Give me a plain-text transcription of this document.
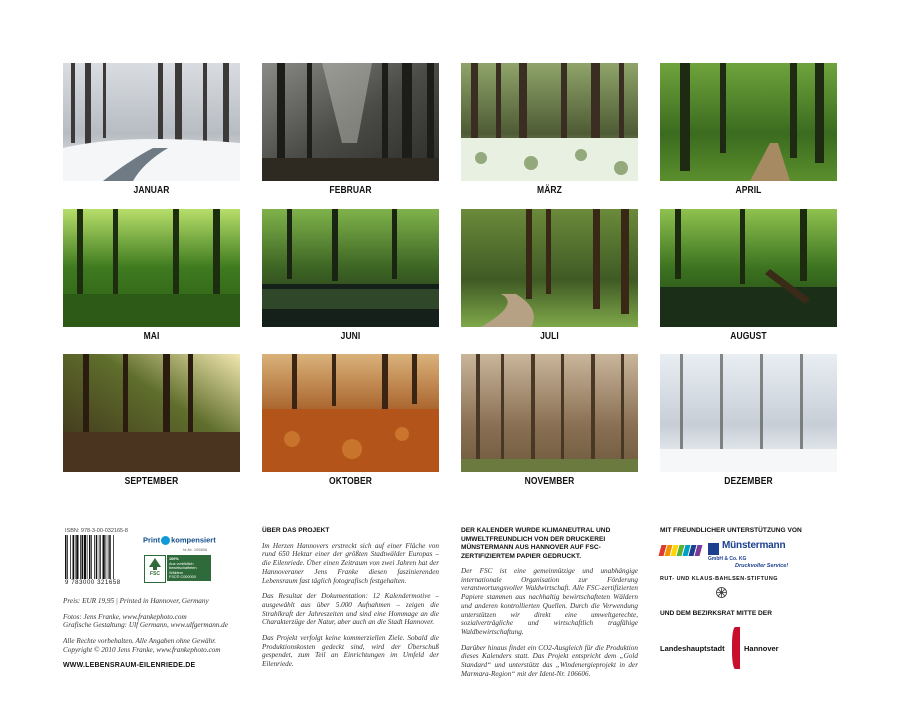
JANUAR	FEBRUAR	MÄRZ	APRIL
MAI	JUNI	JULI	AUGUST
SEPTEMBER	OKTOBER	NOVEMBER	DEZEMBER
ISBN: 978-3-00-032165-8
9 783000 321658
Print kompensiert
Id-Nr. 106606
FSC
100%
Aus vorbildlich bewirtschafteten Wäldern
FSC® C000000

Preis: EUR 19,95 | Printed in Hannover, Germany

Fotos: Jens Franke, www.frankephoto.com

Grafische Gestaltung: Ulf Germann, www.ulfgermann.de

Alle Rechte vorbehalten. Alle Angaben ohne Gewähr.

Copyright © 2010 Jens Franke, www.frankephoto.com

WWW.LEBENSRAUM-EILENRIEDE.DE

ÜBER DAS PROJEKT

Im Herzen Hannovers erstreckt sich auf einer Fläche von rund 650 Hektar einer der größten Stadtwälder Europas – die Eilenriede. Über einen Zeitraum von zwei Jahren hat der Hannoveraner Jens Franke diesen faszinierenden Lebensraum fast täglich fotografisch festgehalten.

Das Resultat der Dokumentation: 12 Kalendermotive – ausgewählt aus über 5.000 Aufnahmen – zeigen die Strahlkraft der Jahreszeiten und sind eine Hommage an die Charakterzüge der Natur, aber auch an die Stadt Hannover.

Das Projekt verfolgt keine kommerziellen Ziele. Sobald die Produktionskosten gedeckt sind, wird der Überschuß gespendet, zum Teil an Einrichtungen im Umfeld der Eilenriede.

DER KALENDER WURDE KLIMANEUTRAL UND UMWELTFREUNDLICH VON DER DRUCKEREI MÜNSTERMANN AUS HANNOVER AUF FSC-ZERTIFIZIERTEM PAPIER GEDRUCKT.

Der FSC ist eine gemeinnützige und unabhängige internationale Organisation zur Förderung verantwortungsvoller Waldwirtschaft. Alle FSC-zertifizierten Papiere stammen aus nachhaltig bewirtschafteten Wäldern und anderen kontrollierten Quellen. Durch die Verwendung unterstützen wir direkt eine umweltgerechte, sozialverträgliche und wirtschaftlich tragfähige Waldbewirtschaftung.

Darüber hinaus findet ein CO2-Ausgleich für die Produktion dieses Kalenders statt. Das Projekt entspricht dem „Gold Standard“ und unterstützt das „Windenergieprojekt in der Marmara-Region“ mit der Ident-Nr. 106606.

MIT FREUNDLICHER UNTERSTÜTZUNG VON

Münstermann
GmbH & Co. KG
Druckvoller Service!

RUT- UND KLAUS-BAHLSEN-STIFTUNG

UND DEM BEZIRKSRAT MITTE DER

Landeshauptstadt	Hannover
